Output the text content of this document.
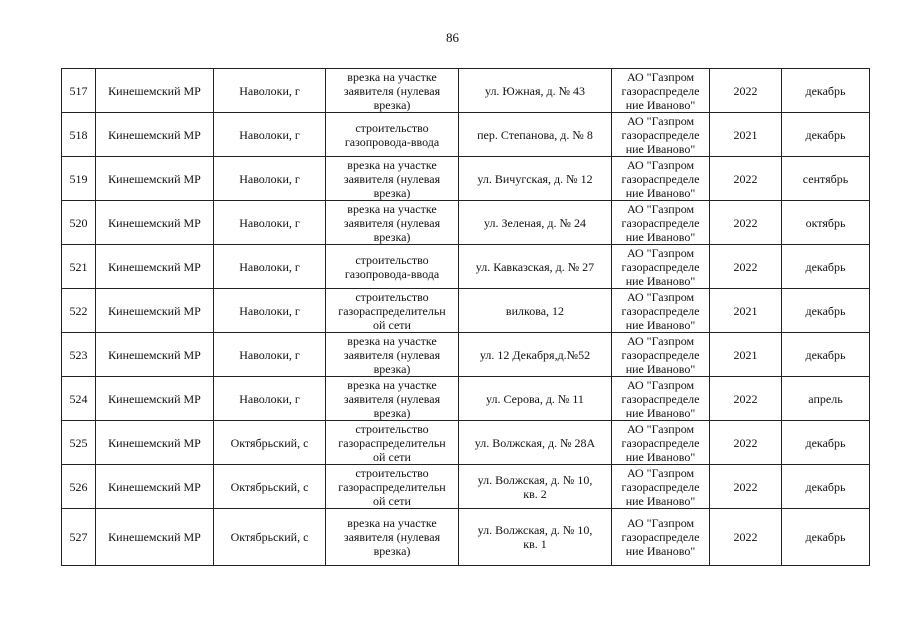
86
517	Кинешемский МР	Наволоки, г	врезка на участке
заявителя (нулевая
врезка)	ул. Южная, д. № 43	АО "Газпром
газораспределе
ние Иваново"	2022	декабрь
518	Кинешемский МР	Наволоки, г	строительство
газопровода-ввода	пер. Степанова, д. № 8	АО "Газпром
газораспределе
ние Иваново"	2021	декабрь
519	Кинешемский МР	Наволоки, г	врезка на участке
заявителя (нулевая
врезка)	ул. Вичугская, д. № 12	АО "Газпром
газораспределе
ние Иваново"	2022	сентябрь
520	Кинешемский МР	Наволоки, г	врезка на участке
заявителя (нулевая
врезка)	ул. Зеленая, д. № 24	АО "Газпром
газораспределе
ние Иваново"	2022	октябрь
521	Кинешемский МР	Наволоки, г	строительство
газопровода-ввода	ул. Кавказская, д. № 27	АО "Газпром
газораспределе
ние Иваново"	2022	декабрь
522	Кинешемский МР	Наволоки, г	строительство
газораспределительн
ой сети	вилкова, 12	АО "Газпром
газораспределе
ние Иваново"	2021	декабрь
523	Кинешемский МР	Наволоки, г	врезка на участке
заявителя (нулевая
врезка)	ул. 12 Декабря,д.№52	АО "Газпром
газораспределе
ние Иваново"	2021	декабрь
524	Кинешемский МР	Наволоки, г	врезка на участке
заявителя (нулевая
врезка)	ул. Серова, д. № 11	АО "Газпром
газораспределе
ние Иваново"	2022	апрель
525	Кинешемский МР	Октябрьский, с	строительство
газораспределительн
ой сети	ул. Волжская, д. № 28А	АО "Газпром
газораспределе
ние Иваново"	2022	декабрь
526	Кинешемский МР	Октябрьский, с	строительство
газораспределительн
ой сети	ул. Волжская, д. № 10,
кв. 2	АО "Газпром
газораспределе
ние Иваново"	2022	декабрь
527	Кинешемский МР	Октябрьский, с	врезка на участке
заявителя (нулевая
врезка)	ул. Волжская, д. № 10,
кв. 1	АО "Газпром
газораспределе
ние Иваново"	2022	декабрь
